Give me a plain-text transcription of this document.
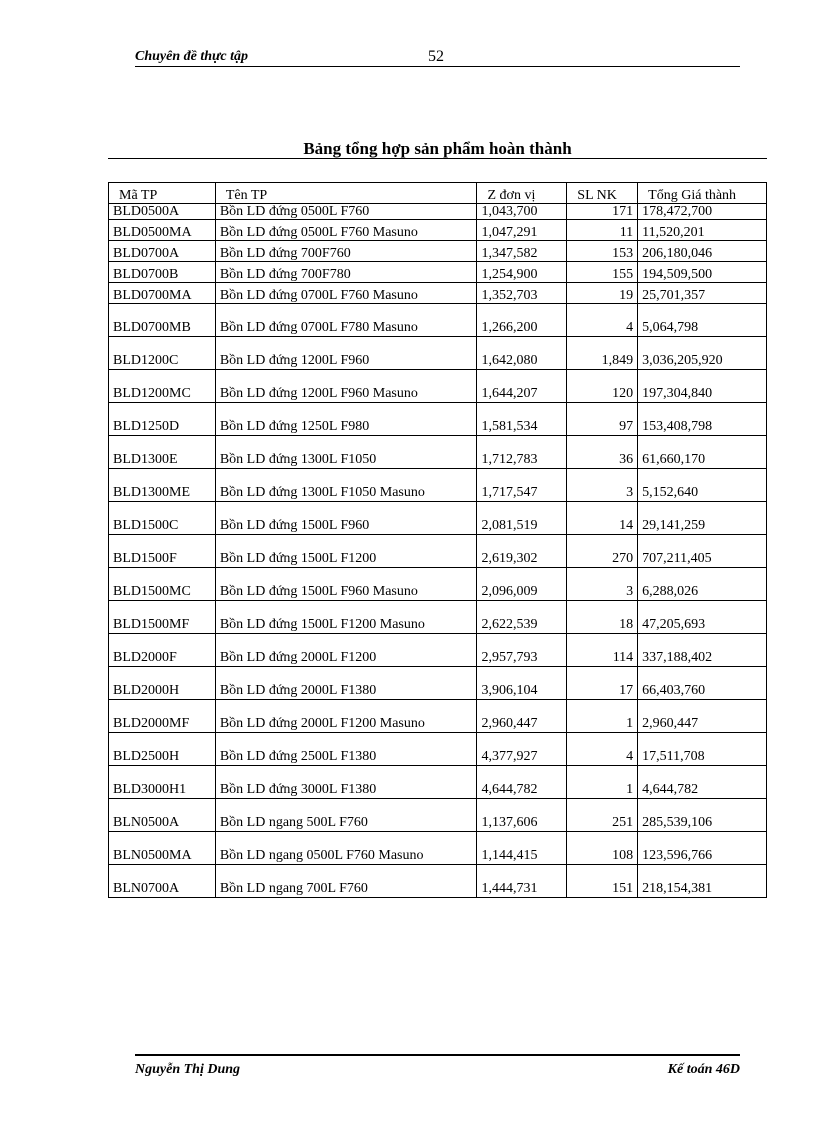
Chuyên đề thực tập	52
Bảng tổng hợp sản phẩm hoàn thành
Mã TP	Tên TP	Z đơn vị	SL NK	Tổng Giá thành
BLD0500A	Bồn LD đứng 0500L F760	1,043,700	171	178,472,700
BLD0500MA	Bồn LD đứng 0500L F760 Masuno	1,047,291	11	11,520,201
BLD0700A	Bồn LD đứng 700F760	1,347,582	153	206,180,046
BLD0700B	Bồn LD đứng 700F780	1,254,900	155	194,509,500
BLD0700MA	Bồn LD đứng 0700L F760 Masuno	1,352,703	19	25,701,357
BLD0700MB	Bồn LD đứng 0700L F780 Masuno	1,266,200	4	5,064,798
BLD1200C	Bồn LD đứng 1200L F960	1,642,080	1,849	3,036,205,920
BLD1200MC	Bồn LD đứng 1200L F960 Masuno	1,644,207	120	197,304,840
BLD1250D	Bồn LD đứng 1250L F980	1,581,534	97	153,408,798
BLD1300E	Bồn LD đứng 1300L F1050	1,712,783	36	61,660,170
BLD1300ME	Bồn LD đứng 1300L F1050 Masuno	1,717,547	3	5,152,640
BLD1500C	Bồn LD đứng 1500L F960	2,081,519	14	29,141,259
BLD1500F	Bồn LD đứng 1500L F1200	2,619,302	270	707,211,405
BLD1500MC	Bồn LD đứng 1500L F960 Masuno	2,096,009	3	6,288,026
BLD1500MF	Bồn LD đứng 1500L F1200 Masuno	2,622,539	18	47,205,693
BLD2000F	Bồn LD đứng 2000L F1200	2,957,793	114	337,188,402
BLD2000H	Bồn LD đứng 2000L F1380	3,906,104	17	66,403,760
BLD2000MF	Bồn LD đứng 2000L F1200 Masuno	2,960,447	1	2,960,447
BLD2500H	Bồn LD đứng 2500L F1380	4,377,927	4	17,511,708
BLD3000H1	Bồn LD đứng 3000L F1380	4,644,782	1	4,644,782
BLN0500A	Bồn LD ngang 500L F760	1,137,606	251	285,539,106
BLN0500MA	Bồn LD ngang 0500L F760 Masuno	1,144,415	108	123,596,766
BLN0700A	Bồn LD ngang 700L F760	1,444,731	151	218,154,381
Nguyễn Thị Dung	Kế toán 46D
